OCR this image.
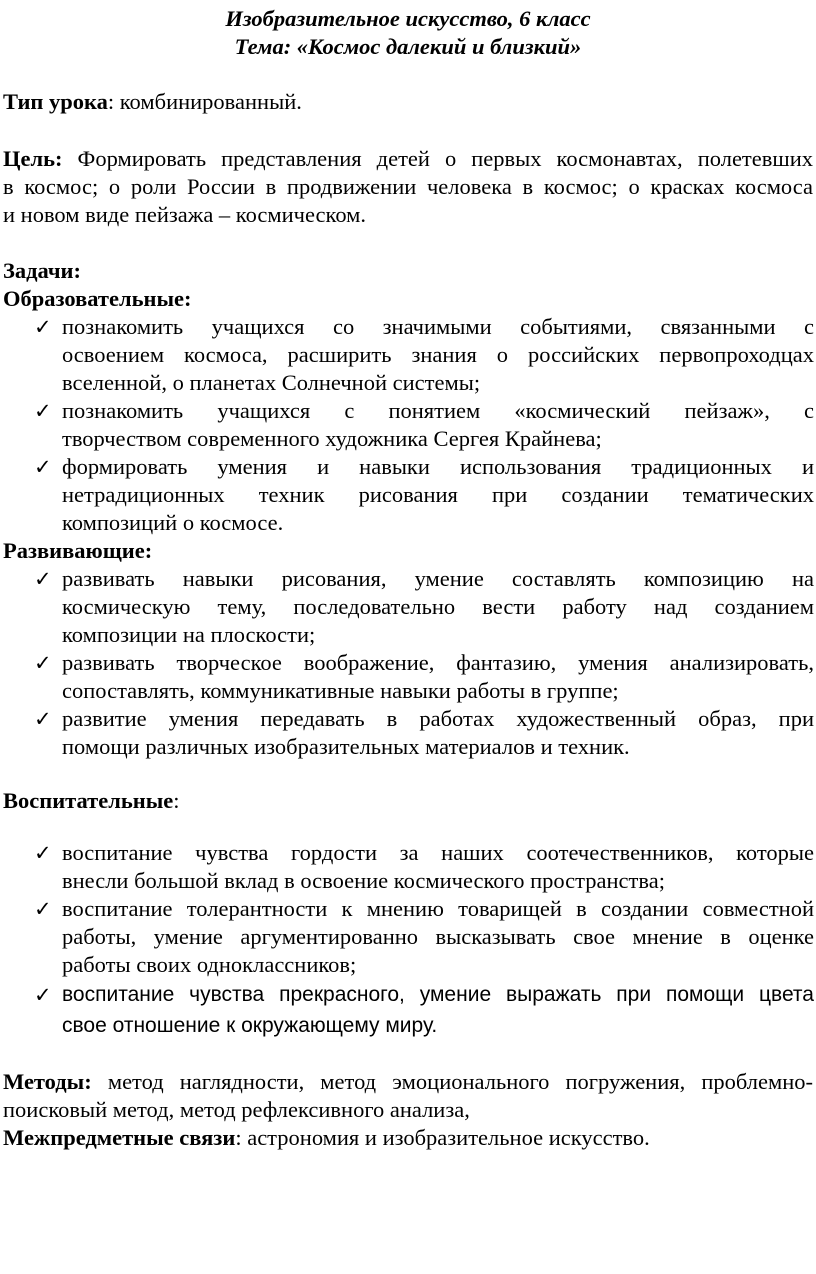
Изобразительное искусство, 6 класс
Тема: «Космос далекий и близкий»
Тип урока: комбинированный.
Цель: Формировать представления детей о первых космонавтах, полетевших
в космос; о роли России в продвижении человека в космос; о красках космоса
и новом виде пейзажа – космическом.
Задачи:
Образовательные:
✓ познакомить учащихся со значимыми событиями, связанными с
освоением космоса, расширить знания о российских первопроходцах
вселенной, о планетах Солнечной системы;
✓ познакомить учащихся с понятием «космический пейзаж», с
творчеством современного художника Сергея Крайнева;
✓ формировать умения и навыки использования традиционных и
нетрадиционных техник рисования при создании тематических
композиций о космосе.
Развивающие:
✓ развивать навыки рисования, умение составлять композицию на
космическую тему, последовательно вести работу над созданием
композиции на плоскости;
✓ развивать творческое воображение, фантазию, умения анализировать,
сопоставлять, коммуникативные навыки работы в группе;
✓ развитие умения передавать в работах художественный образ, при
помощи различных изобразительных материалов и техник.
Воспитательные:
✓ воспитание чувства гордости за наших соотечественников, которые
внесли большой вклад в освоение космического пространства;
✓ воспитание толерантности к мнению товарищей в создании совместной
работы, умение аргументированно высказывать свое мнение в оценке
работы своих одноклассников;
✓ воспитание чувства прекрасного, умение выражать при помощи цвета
свое отношение к окружающему миру.
Методы: метод наглядности, метод эмоционального погружения, проблемно-
поисковый метод, метод рефлексивного анализа,
Межпредметные связи: астрономия и изобразительное искусство.
